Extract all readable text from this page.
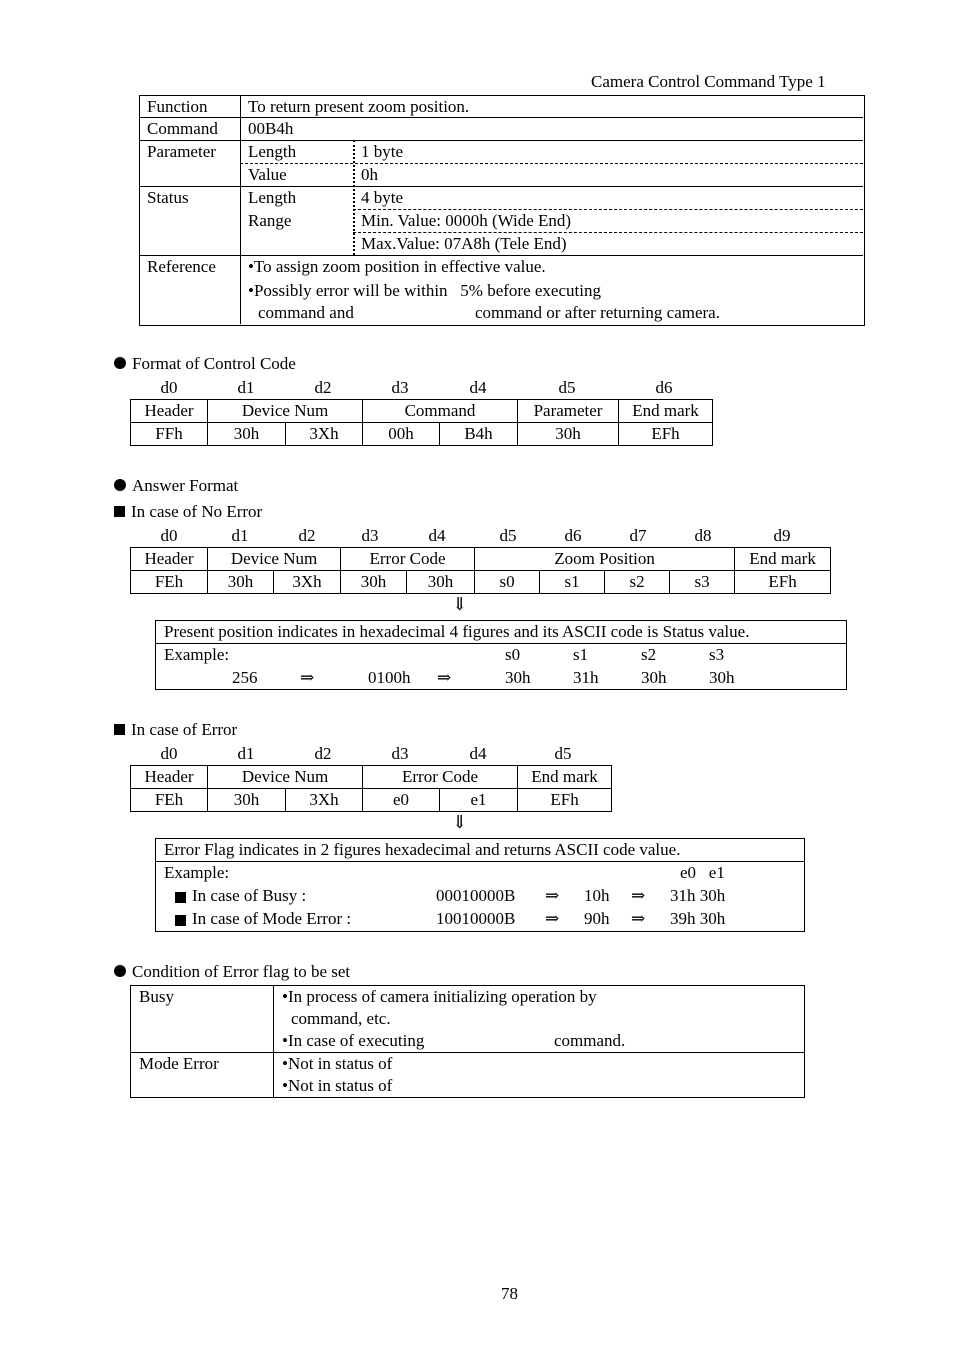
Camera Control Command Type 1
Function To return present zoom position.
Command 00B4h
Parameter Length	1 byte
Value	0h
Status	Length	4 byte
Range	Min. Value: 0000h (Wide End)
Max.Value: 07A8h (Tele End)
Reference •To assign zoom position in effective value.
•Possibly error will be within   5% before executing
command and	command or after returning camera.
Format of Control Code
d0	d1	d2	d3	d4	d5	d6
Header	Device Num		Command		Parameter	End mark
FFh	30h	3Xh	00h	B4h	30h	EFh
Answer Format
In case of No Error
d0	d1	d2	d3	d4	d5	d6	d7	d8	d9
Header	Device Num		Error Code		Zoom Position				End mark
FEh	30h	3Xh	30h	30h	s0	s1	s2	s3	EFh
⇓
Present position indicates in hexadecimal 4 figures and its ASCII code is Status value.
Example:	s0	s1	s2	s3
256	⇒	0100h ⇒	30h	31h	30h	30h
In case of Error
d0	d1	d2	d3	d4	d5
Header	Device Num		Error Code		End mark
FEh	30h	3Xh	e0	e1	EFh
⇓
Error Flag indicates in 2 figures hexadecimal and returns ASCII code value.
Example:	e0   e1
In case of Busy :	00010000B ⇒ 10h ⇒ 31h 30h
In case of Mode Error :	10010000B ⇒ 90h ⇒ 39h 30h
Condition of Error flag to be set
Busy	•In process of camera initializing operation by
command, etc.
•In case of executing	command.
Mode Error	•Not in status of
•Not in status of
78
